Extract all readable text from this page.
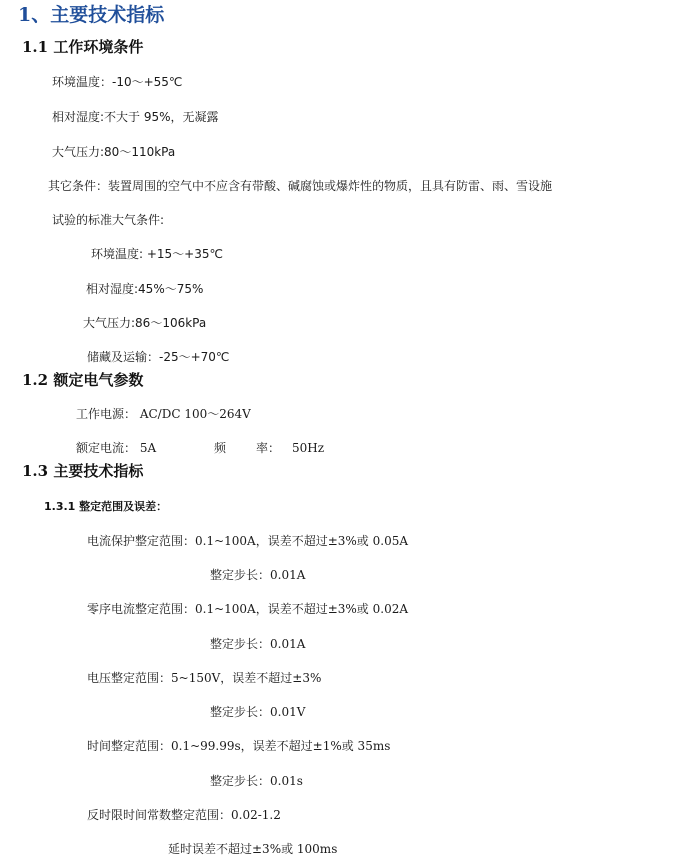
1、主要技术指标
1.1 工作环境条件
环境温度：-10～+55℃
相对湿度:不大于 95%，无凝露
大气压力:80～110kPa
其它条件：装置周围的空气中不应含有带酸、碱腐蚀或爆炸性的物质，且具有防雷、雨、雪设施
试验的标准大气条件:
环境温度: +15～+35℃
相对湿度:45%～75%
大气压力:86～106kPa
储藏及运输：-25～+70℃
1.2 额定电气参数
工作电源： AC/DC 100～264V
额定电流： 5A	频 率： 50Hz
1.3 主要技术指标
1.3.1 整定范围及误差：
电流保护整定范围：0.1~100A，误差不超过±3%或 0.05A
整定步长：0.01A
零序电流整定范围：0.1~100A，误差不超过±3%或 0.02A
整定步长：0.01A
电压整定范围：5~150V，误差不超过±3%
整定步长：0.01V
时间整定范围：0.1~99.99s，误差不超过±1%或 35ms
整定步长：0.01s
反时限时间常数整定范围：0.02-1.2
延时误差不超过±3%或 100ms
